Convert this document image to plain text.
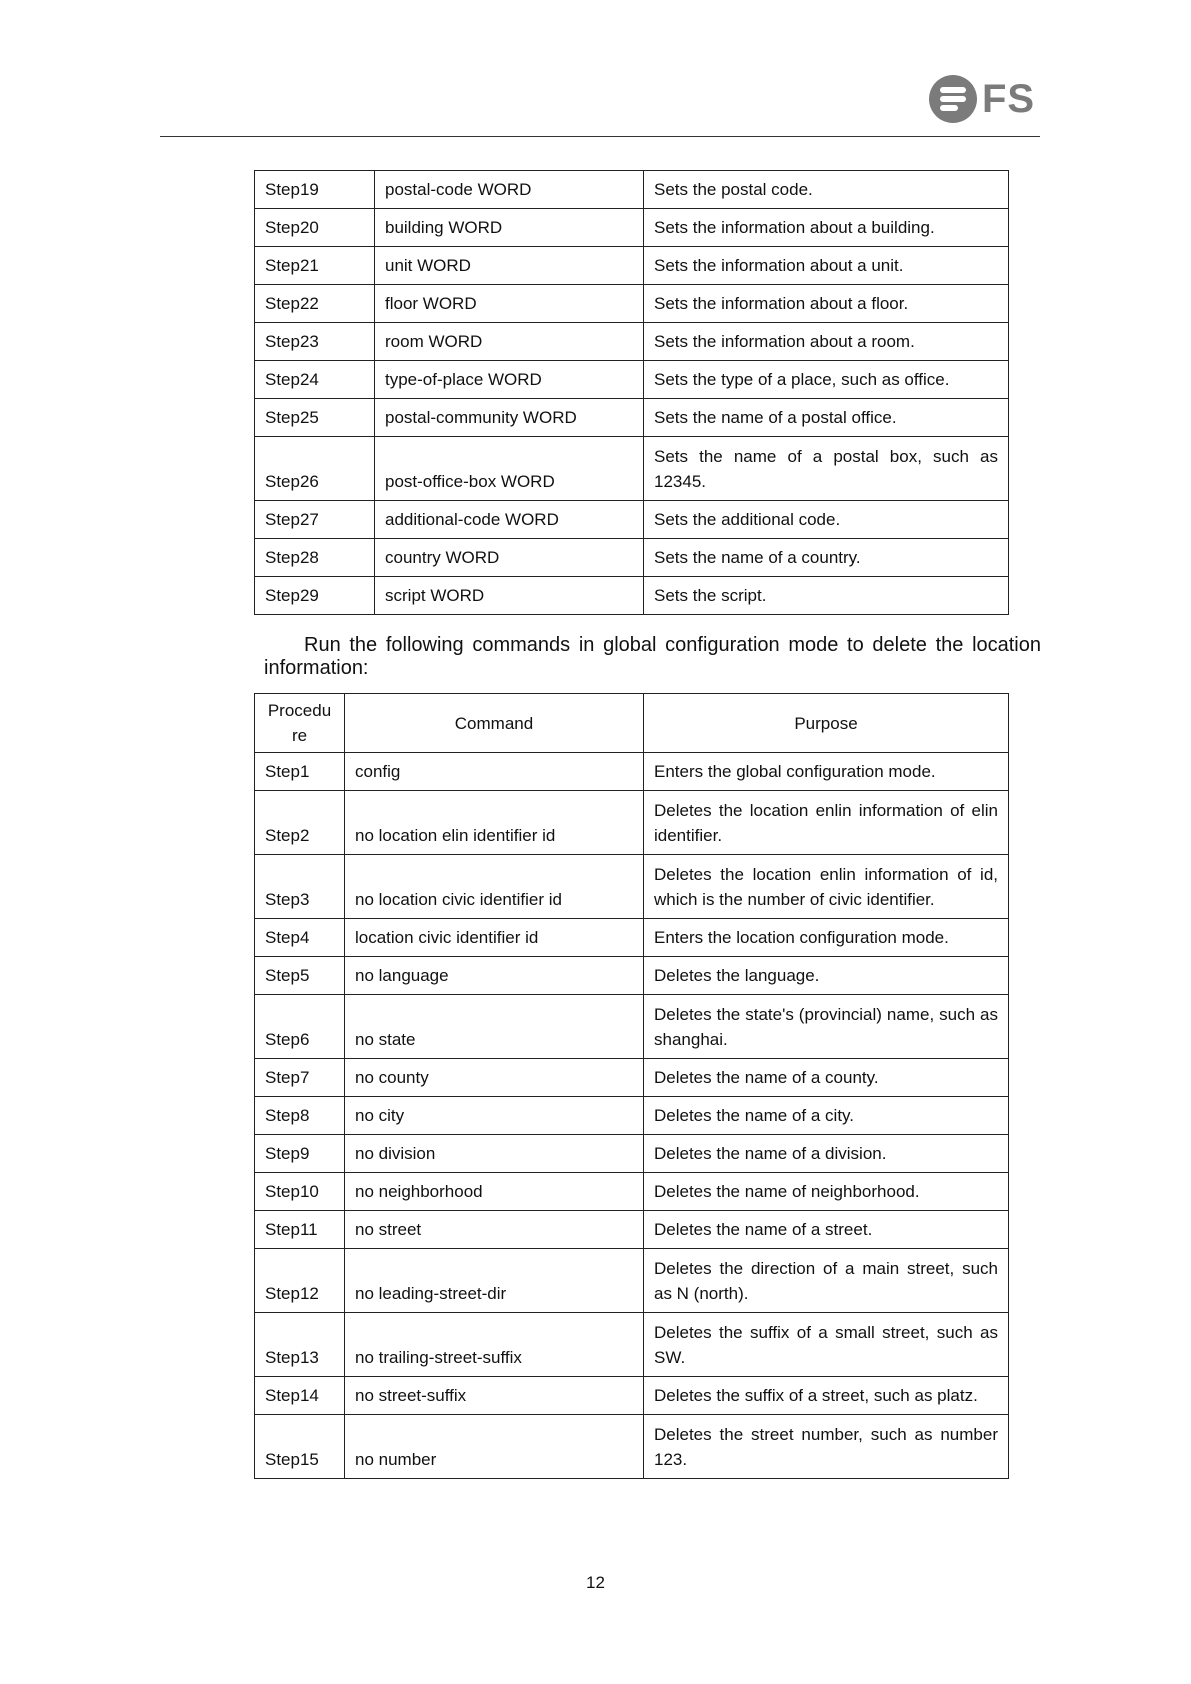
FS
Step19	postal-code WORD	Sets the postal code.
Step20	building WORD	Sets the information about a building.
Step21	unit WORD	Sets the information about a unit.
Step22	floor WORD	Sets the information about a floor.
Step23	room WORD	Sets the information about a room.
Step24	type-of-place WORD	Sets the type of a place, such as office.
Step25	postal-community WORD	Sets the name of a postal office.
Step26	post-office-box WORD	Sets the name of a postal box, such as 12345.
Step27	additional-code WORD	Sets the additional code.
Step28	country WORD	Sets the name of a country.
Step29	script WORD	Sets the script.

Run the following commands in global configuration mode to delete the location information:

Procedu re	Command	Purpose
Step1	config	Enters the global configuration mode.
Step2	no location elin identifier id	Deletes the location enlin information of elin identifier.
Step3	no location civic identifier id	Deletes the location enlin information of id, which is the number of civic identifier.
Step4	location civic identifier id	Enters the location configuration mode.
Step5	no language	Deletes the language.
Step6	no state	Deletes the state's (provincial) name, such as shanghai.
Step7	no county	Deletes the name of a county.
Step8	no city	Deletes the name of a city.
Step9	no division	Deletes the name of a division.
Step10	no neighborhood	Deletes the name of neighborhood.
Step11	no street	Deletes the name of a street.
Step12	no leading-street-dir	Deletes the direction of a main street, such as N (north).
Step13	no trailing-street-suffix	Deletes the suffix of a small street, such as SW.
Step14	no street-suffix	Deletes the suffix of a street, such as platz.
Step15	no number	Deletes the street number, such as number 123.
12
